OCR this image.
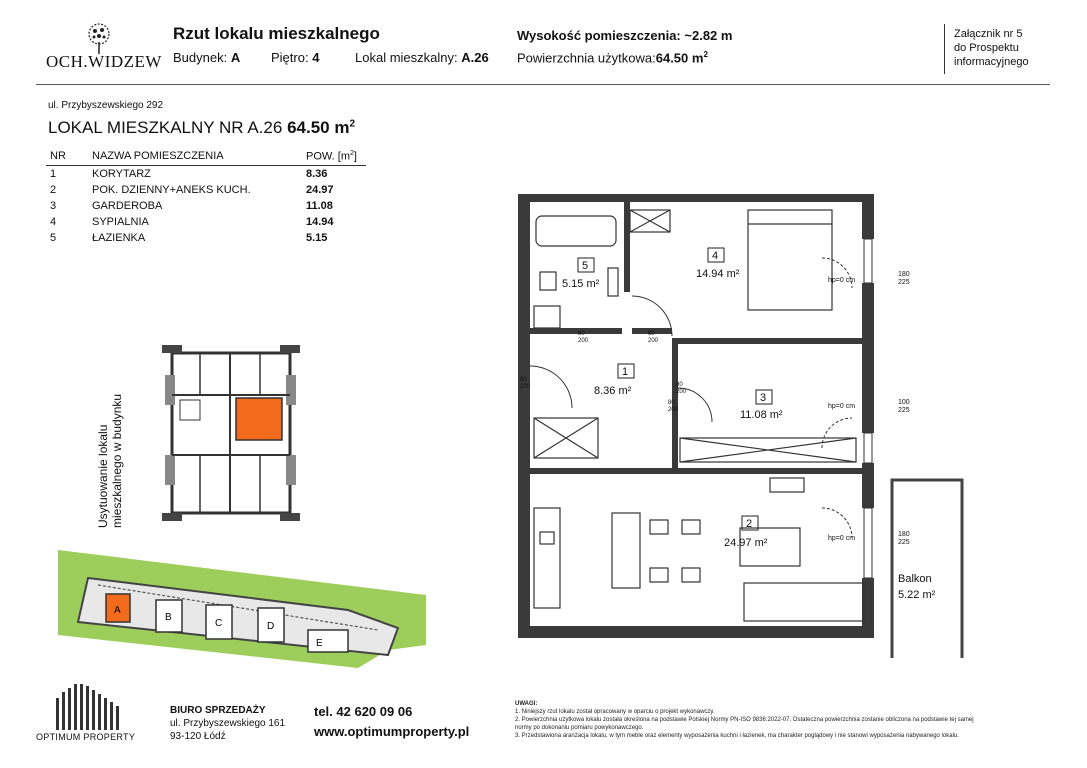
OCH.WIDZEW
Rzut lokalu mieszkalnego
Budynek: A Piętro: 4	Lokal mieszkalny: A.26
Wysokość pomieszczenia: ~2.82 m
Powierzchnia użytkowa:64.50 $m^2$
Załącznik nr 5
do Prospektu
informacyjnego
ul. Przybyszewskiego 292
LOKAL MIESZKALNY NR A.26 64.50 $m^2$
NR	NAZWA POMIESZCZENIA	POW. $[m^2]$
1	KORYTARZ	8.36
2	POK. DZIENNY+ANEKS KUCH.	24.97
3	GARDEROBA	11.08
4	SYPIALNIA	14.94
5	ŁAZIENKA	5.15
Usytuowanie lokalu mieszkalnego w budynku
A
B
C	D
E
5
5.15 m²
4
14.94 m²
1
8.36 m²
3
11.08 m²
2
24.97 m²
Balkon
5.22 m²
hp=0 cm
hp=0 cm
hp=0 cm
180
225
100
225
180
225
90
200
80
200
80
200
80
200
80
200
OPTIMUM PROPERTY
BIURO SPRZEDAŻY
ul. Przybyszewskiego 161
93-120 Łódź
tel. 42 620 09 06
www.optimumproperty.pl
UWAGI:
1. Niniejszy rzut lokalu został opracowany w oparciu o projekt wykonawczy.
2. Powierzchnia użytkowa lokalu została określona na podstawie Polskiej Normy PN-ISO 9836:2022-07. Ostateczna powierzchnia zostanie obliczona na podstawie tej samej
normy po dokonaniu pomiaru powykonawczego.
3. Przedstawiona aranżacja lokalu, w tym meble oraz elementy wyposażenia kuchni i łazienek, ma charakter poglądowy i nie stanowi wyposażenia nabywanego lokalu.
